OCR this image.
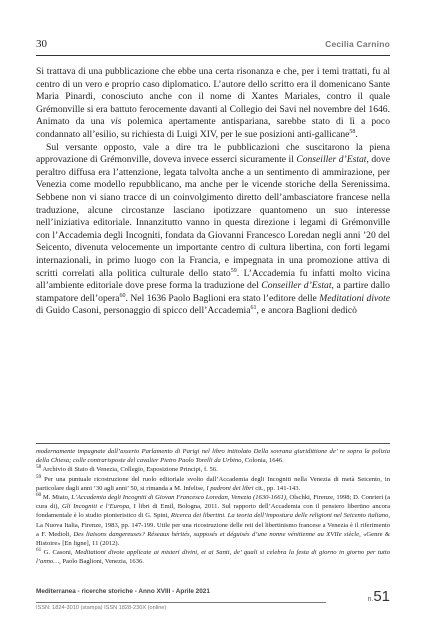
30	Cecilia Carnino

Si trattava di una pubblicazione che ebbe una certa risonanza e che, per i temi trattati, fu al centro di un vero e proprio caso diplomatico. L’autore dello scritto era il domenicano Sante Maria Pinardi, conosciuto anche con il nome di Xantes Mariales, contro il quale Grémonville si era battuto ferocemente davanti al Collegio dei Savi nel novembre del 1646. Animato da una vis polemica apertamente antispariana, sarebbe stato di lì a poco condannato all’esilio, su richiesta di Luigi XIV, per le sue posizioni anti-gallicane$^{58}$.

Sul versante opposto, vale a dire tra le pubblicazioni che suscitarono la piena approvazione di Grémonville, doveva invece esserci sicuramente il Conseiller d’Estat, dove peraltro diffusa era l’attenzione, legata talvolta anche a un sentimento di ammirazione, per Venezia come modello repubblicano, ma anche per le vicende storiche della Serenissima. Sebbene non vi siano tracce di un coinvolgimento diretto dell’ambasciatore francese nella traduzione, alcune circostanze lasciano ipotizzare quantomeno un suo interesse nell’iniziativa editoriale. Innanzitutto vanno in questa direzione i legami di Grémonville con l’Accademia degli Incogniti, fondata da Giovanni Francesco Loredan negli anni ’20 del Seicento, divenuta velocemente un importante centro di cultura libertina, con forti legami internazionali, in primo luogo con la Francia, e impegnata in una promozione attiva di scritti correlati alla politica culturale dello stato$^{59}$. L’Accademia fu infatti molto vicina all’ambiente editoriale dove prese forma la traduzione del Conseiller d’Estat, a partire dallo stampatore dell’opera$^{60}$. Nel 1636 Paolo Baglioni era stato l’editore delle Meditationi divote di Guido Casoni, personaggio di spicco dell’Accademia$^{61}$, e ancora Baglioni dedicò

modernamente impugnate dall’asserto Parlamento di Parigi nel libro intitolato Della sovrana giuridittione de’ re sopra la polizia della Chiesa; colle contrarisposte del cavalier Pietro Paolo Torelli da Urbino, Colonia, 1646.

$^{58}$ Archivio di Stato di Venezia, Collegio, Esposizione Principi, f. 56.

$^{59}$ Per una puntuale ricostruzione del ruolo editoriale svolto dall’Accademia degli Incogniti nella Venezia di metà Seicento, in particolare dagli anni ’30 agli anni’ 50, si rimanda a M. Infelise, I padroni dei libri cit., pp. 141-143.

$^{60}$ M. Miato, L’Accademia degli Incogniti di Giovan Francesco Loredan, Venezia (1630-1661), Olschki, Firenze, 1998; D. Conrieri (a cura di), Gli Incogniti e l’Europa, I libri di Emil, Bologna, 2011. Sul rapporto dell’Accademia con il pensiero libertino ancora fondamentale è lo studio pionieristico di G. Spini, Ricerca dei libertini. La teoria dell’impostura delle religioni nel Seicento italiano, La Nuova Italia, Firenze, 1983, pp. 147-199. Utile per una ricostruzione delle reti del libertinismo francese a Venezia è il riferimento a F. Medioli, Des liaisons dangereuses? Réseaux hérités, supposés et déguisés d’une nonne vénitienne au XVIIe siècle, «Genre & Histoire» [En ligne], 11 (2012).

$^{61}$ G. Casoni, Meditationi divote applicate ai misteri divini, et ai Santi, de’ quali si celebra la festa di giorno in giorno per tutto l’anno…, Paolo Baglioni, Venezia, 1636.

Mediterranea - ricerche storiche - Anno XVIII - Aprile 2021
ISSN: 1824-3010 (stampa) ISSN 1828-230X (online)
n.51
